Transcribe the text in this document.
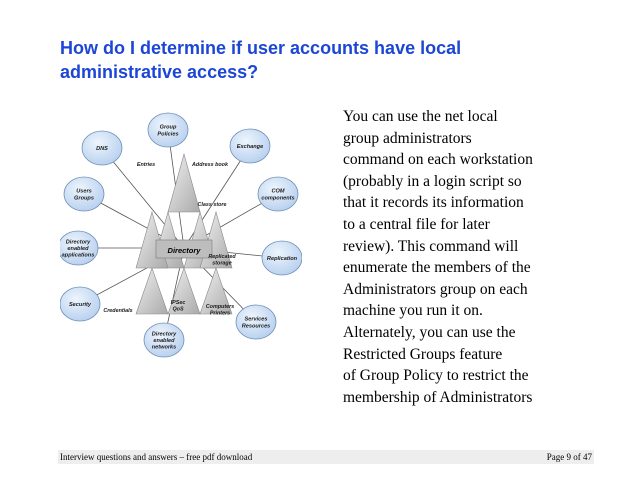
How do I determine if user accounts have local
administrative access?
Group
Policies
DNS	Exchange
Users
Groups
COM
components
Directory
enabled
applications
Replication
Security
Services
Resources
Directory
enabled
networks
Entries	Address book
Class store
Replicated
storage
Computers
Printers
IPSec
QoS
Credentials
Directory
You can use the net local
group administrators
command on each workstation
(probably in a login script so
that it records its information
to a central file for later
review). This command will
enumerate the members of the
Administrators group on each
machine you run it on.
Alternately, you can use the
Restricted Groups feature
of Group Policy to restrict the
membership of Administrators
Interview questions and answers – free pdf download	Page 9 of 47
